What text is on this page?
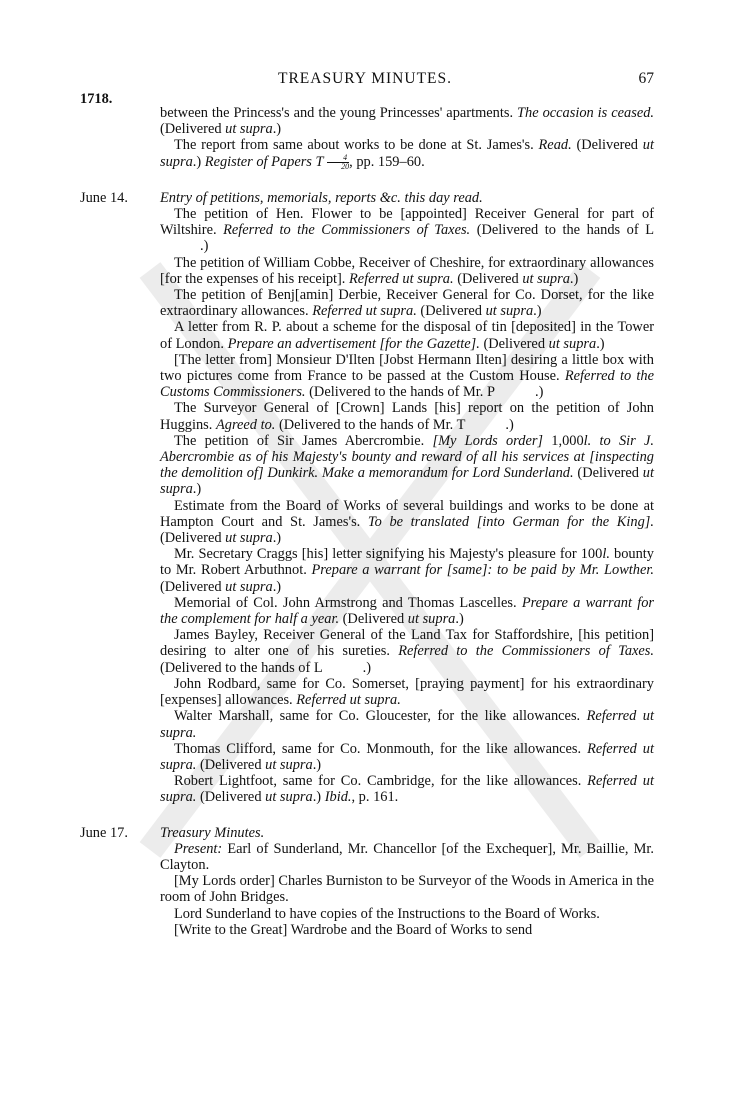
TREASURY MINUTES.	67
1718.

between the Princess's and the young Princesses' apartments. The occasion is ceased. (Delivered ut supra.)

The report from same about works to be done at St. James's. Read. (Delivered ut supra.) Register of Papers T $\frac{4}{20}$ , pp. 159–60.

June 14.	Entry of petitions, memorials, reports &c. this day read.

The petition of Hen. Flower to be [appointed] Receiver General for part of Wiltshire. Referred to the Commissioners of Taxes. (Delivered to the hands of L.)

The petition of William Cobbe, Receiver of Cheshire, for extraordinary allowances [for the expenses of his receipt]. Referred ut supra. (Delivered ut supra.)

The petition of Benj[amin] Derbie, Receiver General for Co. Dorset, for the like extraordinary allowances. Referred ut supra. (Delivered ut supra.)

A letter from R. P. about a scheme for the disposal of tin [deposited] in the Tower of London. Prepare an advertisement [for the Gazette]. (Delivered ut supra.)

[The letter from] Monsieur D'Ilten [Jobst Hermann Ilten] desiring a little box with two pictures come from France to be passed at the Custom House. Referred to the Customs Commissioners. (Delivered to the hands of Mr. P	.)

The Surveyor General of [Crown] Lands [his] report on the petition of John Huggins. Agreed to. (Delivered to the hands of Mr. T	.)

The petition of Sir James Abercrombie. [My Lords order] 1,000l. to Sir J. Abercrombie as of his Majesty's bounty and reward of all his services at [inspecting the demolition of] Dunkirk. Make a memorandum for Lord Sunderland. (Delivered ut supra.)

Estimate from the Board of Works of several buildings and works to be done at Hampton Court and St. James's. To be translated [into German for the King]. (Delivered ut supra.)

Mr. Secretary Craggs [his] letter signifying his Majesty's pleasure for 100l. bounty to Mr. Robert Arbuthnot. Prepare a warrant for [same]: to be paid by Mr. Lowther. (Delivered ut supra.)

Memorial of Col. John Armstrong and Thomas Lascelles. Prepare a warrant for the complement for half a year. (Delivered ut supra.)

James Bayley, Receiver General of the Land Tax for Staffordshire, [his petition] desiring to alter one of his sureties. Referred to the Commissioners of Taxes. (Delivered to the hands of L	.)

John Rodbard, same for Co. Somerset, [praying payment] for his extraordinary [expenses] allowances. Referred ut supra.

Walter Marshall, same for Co. Gloucester, for the like allowances. Referred ut supra.

Thomas Clifford, same for Co. Monmouth, for the like allowances. Referred ut supra. (Delivered ut supra.)

Robert Lightfoot, same for Co. Cambridge, for the like allowances. Referred ut supra. (Delivered ut supra.) Ibid., p. 161.

June 17.	Treasury Minutes.

Present: Earl of Sunderland, Mr. Chancellor [of the Exchequer], Mr. Baillie, Mr. Clayton.

[My Lords order] Charles Burniston to be Surveyor of the Woods in America in the room of John Bridges.

Lord Sunderland to have copies of the Instructions to the Board of Works.

[Write to the Great] Wardrobe and the Board of Works to send
